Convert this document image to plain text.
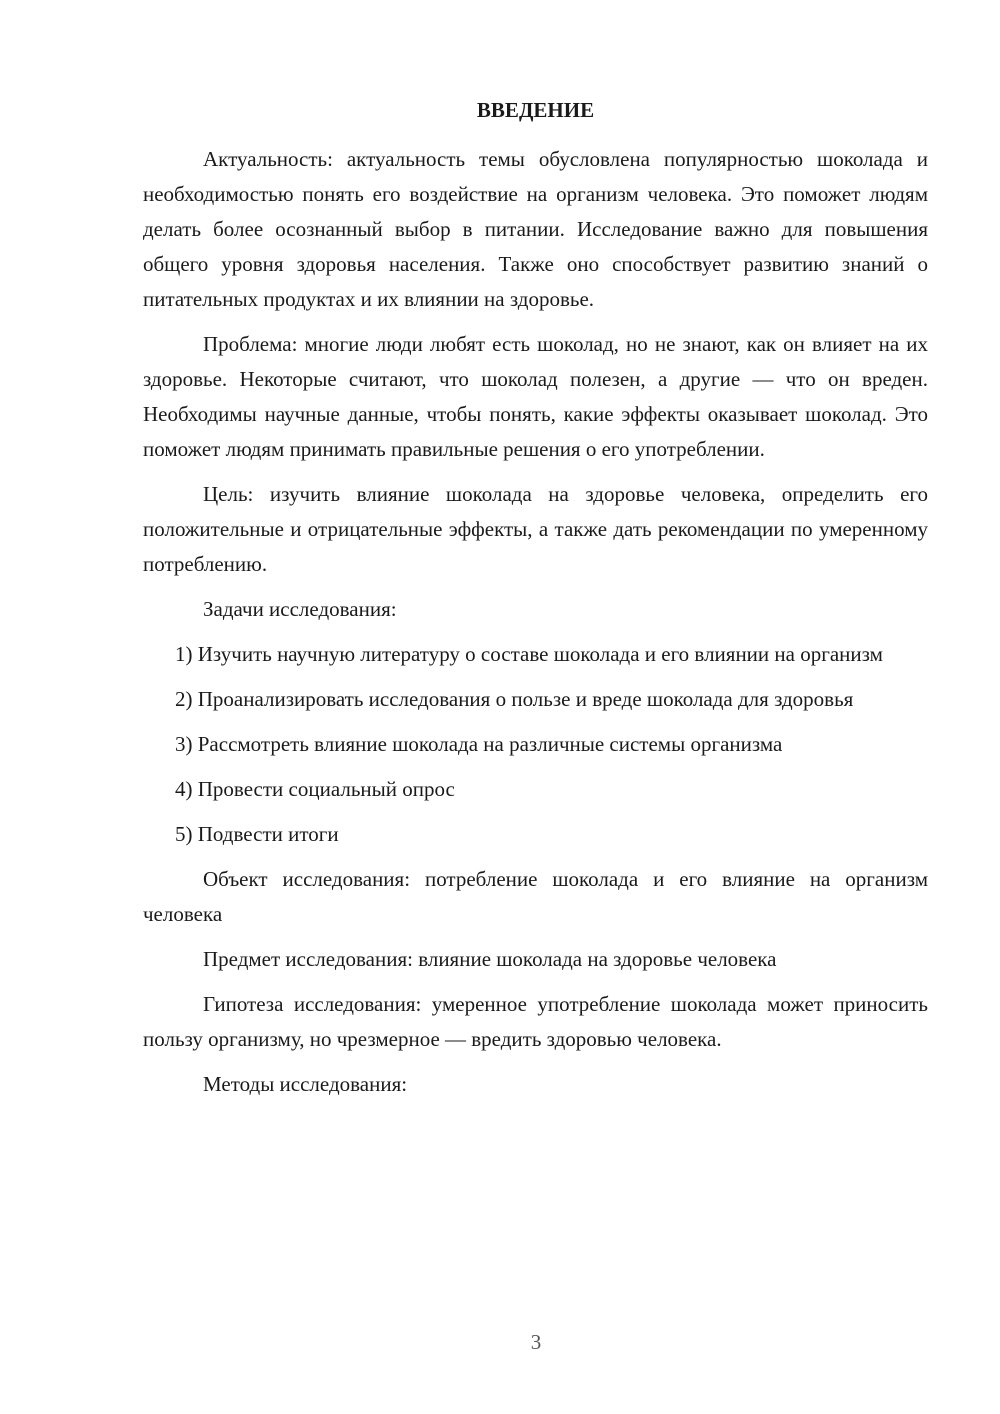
ВВЕДЕНИЕ

Актуальность: актуальность темы обусловлена популярностью шоколада и необходимостью понять его воздействие на организм человека. Это поможет людям делать более осознанный выбор в питании. Исследование важно для повышения общего уровня здоровья населения. Также оно способствует развитию знаний о питательных продуктах и их влиянии на здоровье.

Проблема: многие люди любят есть шоколад, но не знают, как он влияет на их здоровье. Некоторые считают, что шоколад полезен, а другие — что он вреден. Необходимы научные данные, чтобы понять, какие эффекты оказывает шоколад. Это поможет людям принимать правильные решения о его употреблении.

Цель: изучить влияние шоколада на здоровье человека, определить его положительные и отрицательные эффекты, а также дать рекомендации по умеренному потреблению.

Задачи исследования:

1) Изучить научную литературу о составе шоколада и его влиянии на организм

2) Проанализировать исследования о пользе и вреде шоколада для здоровья

3) Рассмотреть влияние шоколада на различные системы организма

4) Провести социальный опрос

5) Подвести итоги

Объект исследования: потребление шоколада и его влияние на организм человека

Предмет исследования: влияние шоколада на здоровье человека

Гипотеза исследования: умеренное употребление шоколада может приносить пользу организму, но чрезмерное — вредить здоровью человека.

Методы исследования:

3
